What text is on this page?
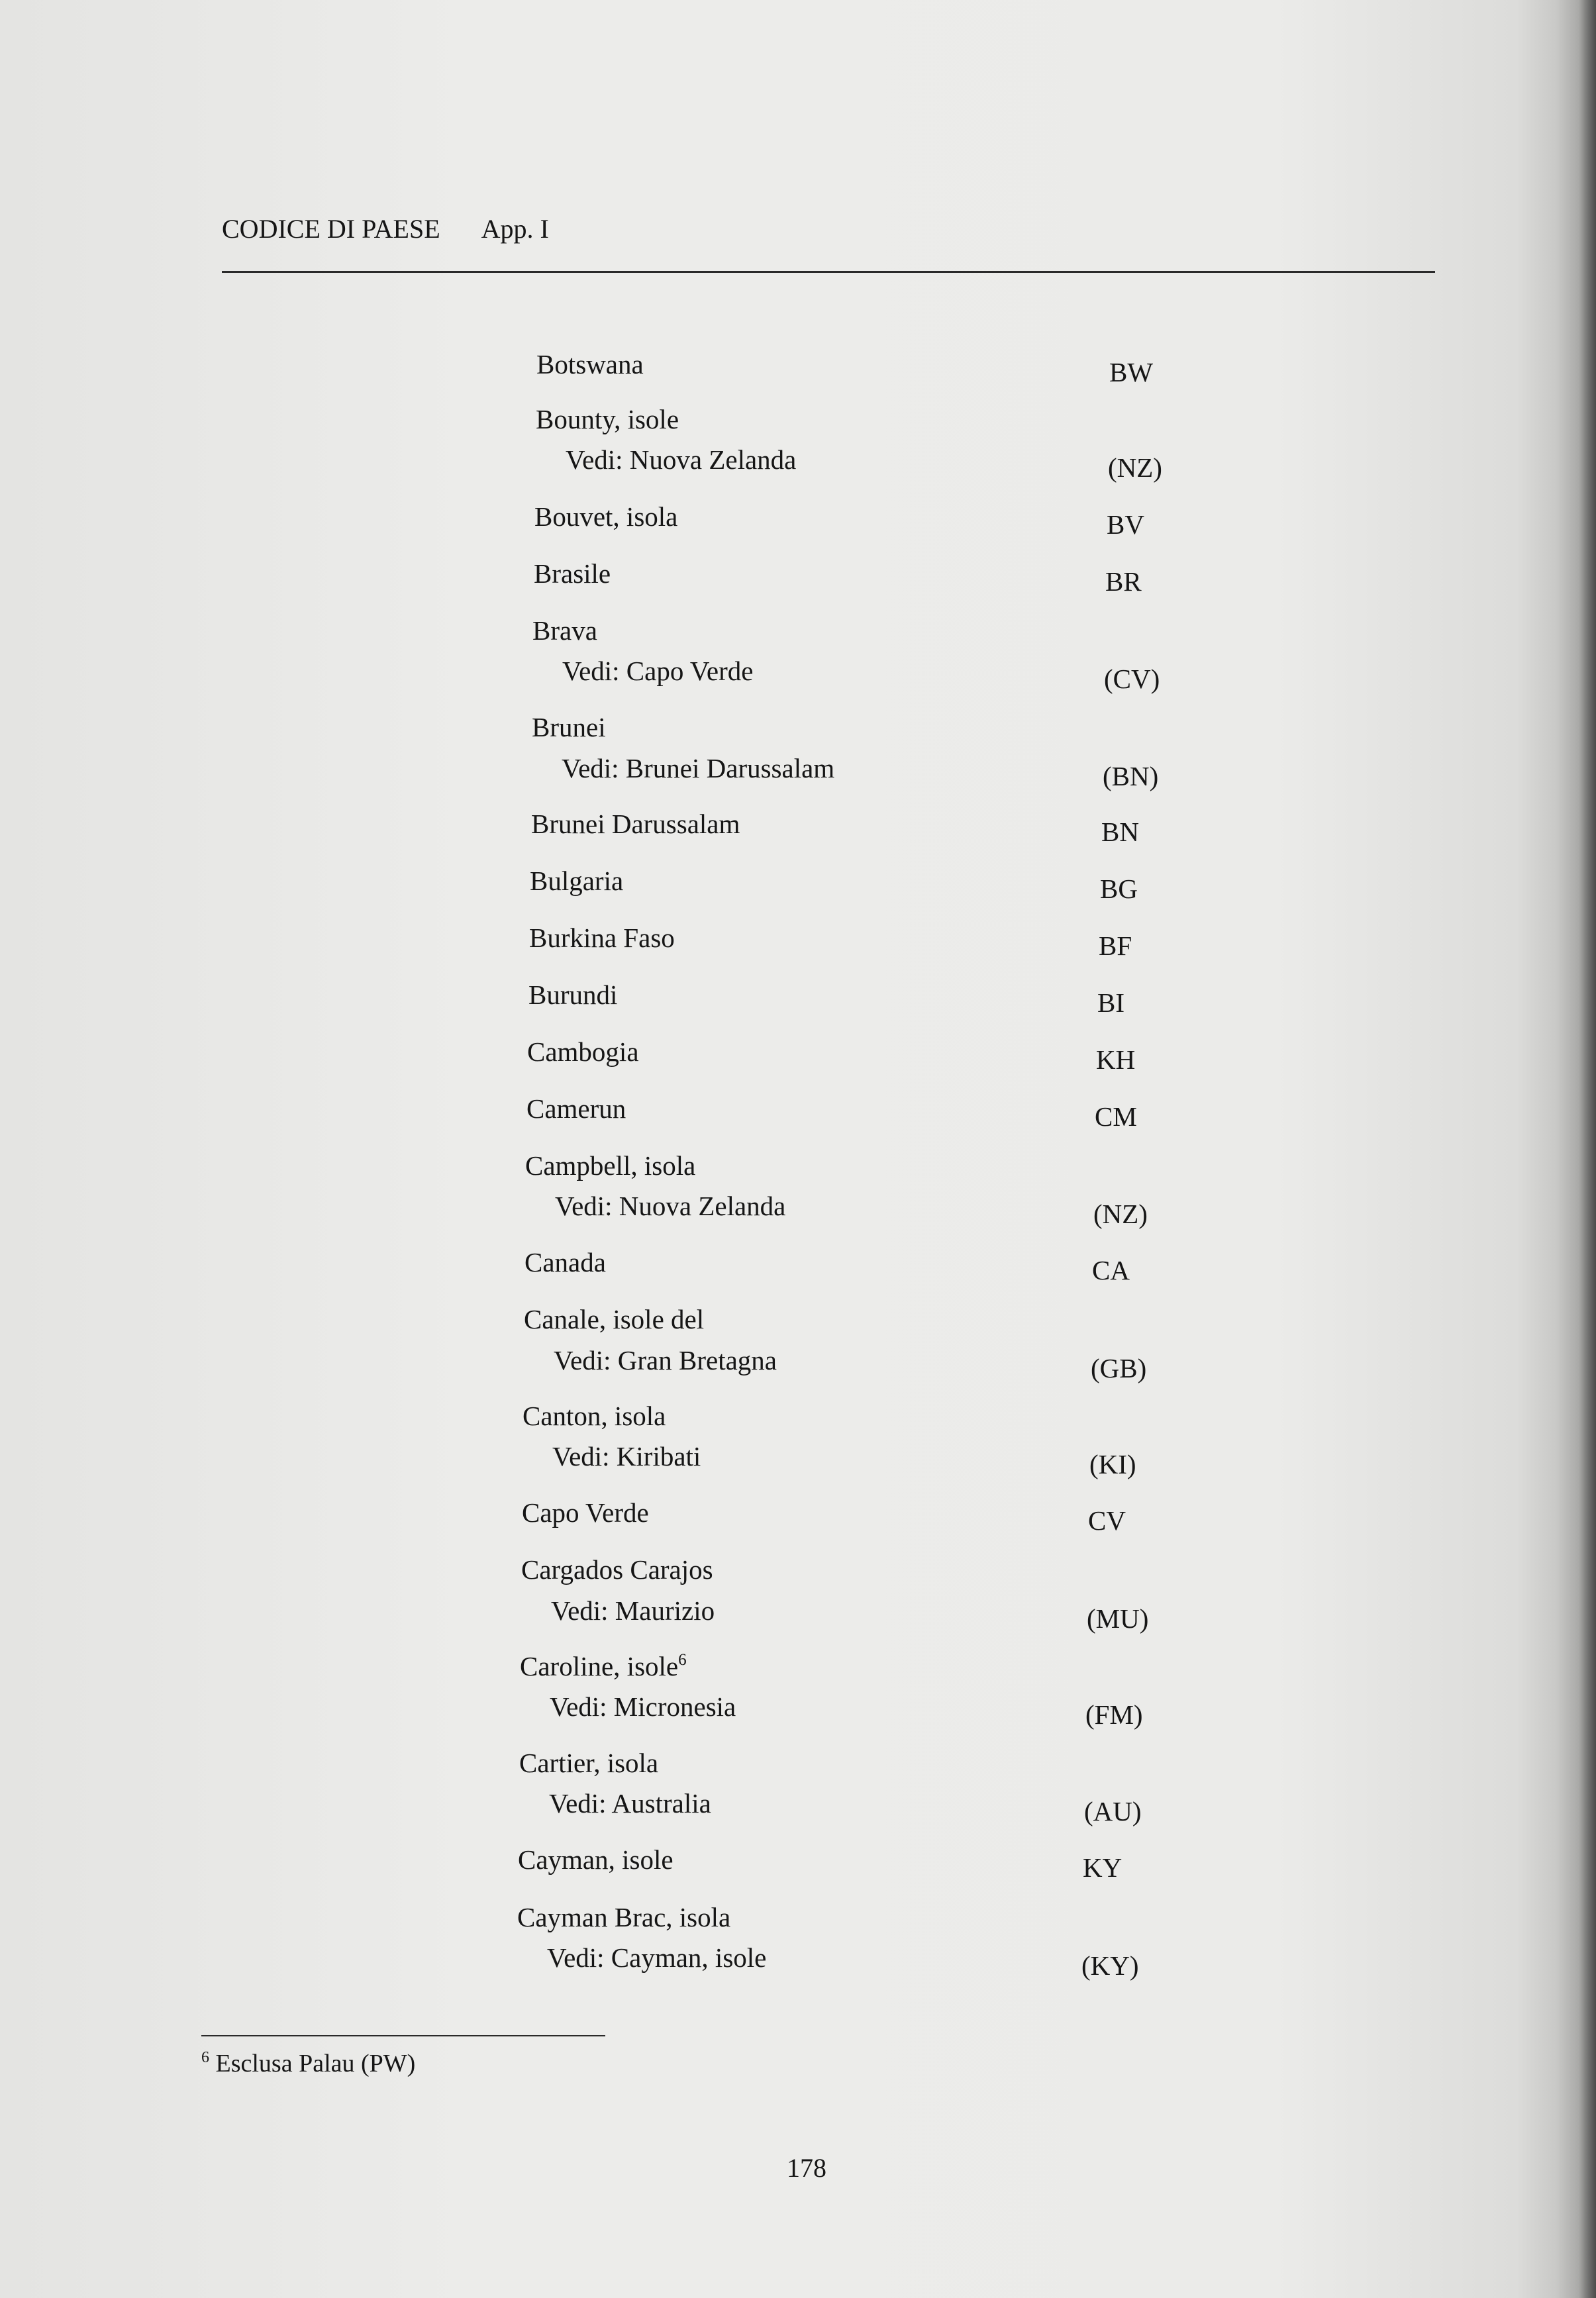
CODICE DI PAESE App. I
Botswana	BW
Bounty, isole
Vedi: Nuova Zelanda	(NZ)
Bouvet, isola	BV
Brasile	BR
Brava
Vedi: Capo Verde	(CV)
Brunei
Vedi: Brunei Darussalam	(BN)
Brunei Darussalam	BN
Bulgaria	BG
Burkina Faso	BF
Burundi	BI
Cambogia	KH
Camerun	CM
Campbell, isola
Vedi: Nuova Zelanda	(NZ)
Canada	CA
Canale, isole del
Vedi: Gran Bretagna	(GB)
Canton, isola
Vedi: Kiribati	(KI)
Capo Verde	CV
Cargados Carajos
Vedi: Maurizio	(MU)
Caroline, isole$^6$
Vedi: Micronesia	(FM)
Cartier, isola
Vedi: Australia	(AU)
Cayman, isole	KY
Cayman Brac, isola
Vedi: Cayman, isole	(KY)
$^6$ Esclusa Palau (PW)
178
